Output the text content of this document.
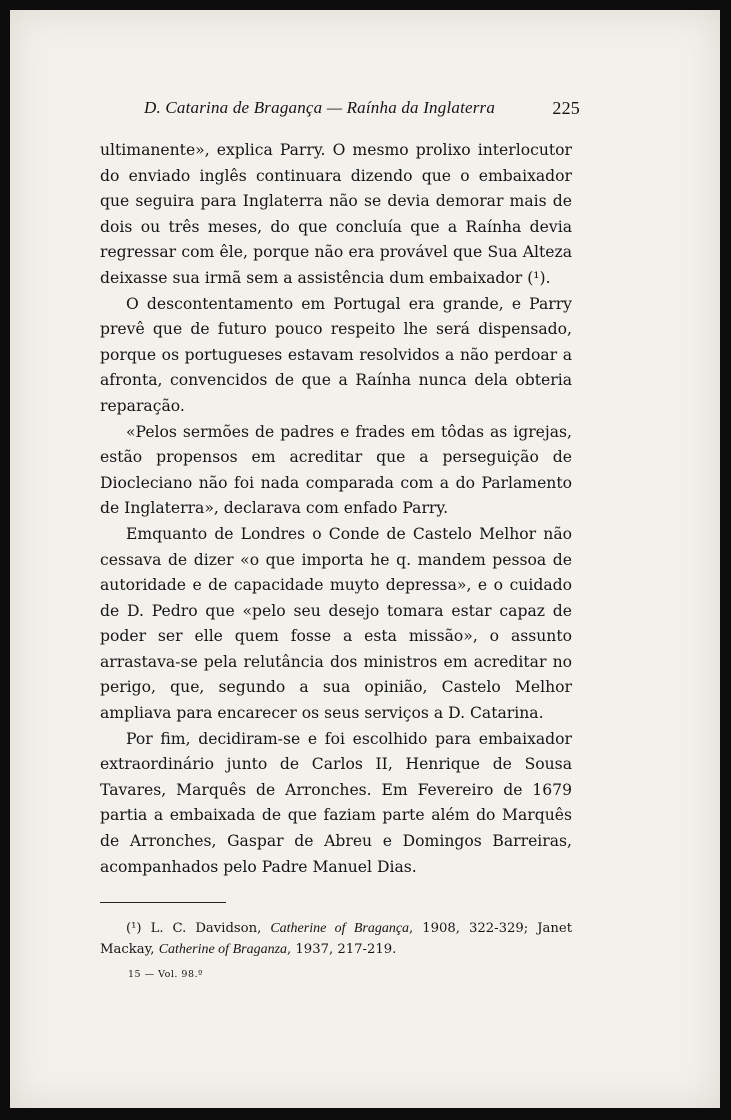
D. Catarina de Bragança — Raínha da Inglaterra	225

ultimanente», explica Parry. O mesmo prolixo interlocutor do enviado inglês continuara dizendo que o embaixador que seguira para Inglaterra não se devia demorar mais de dois ou três meses, do que concluía que a Raínha devia regressar com êle, porque não era provável que Sua Alteza deixasse sua irmã sem a assistência dum embaixador (¹).

O descontentamento em Portugal era grande, e Parry prevê que de futuro pouco respeito lhe será dispensado, porque os portugueses estavam resolvidos a não perdoar a afronta, convencidos de que a Raínha nunca dela obteria reparação.

«Pelos sermões de padres e frades em tôdas as igrejas, estão propensos em acreditar que a perseguição de Diocleciano não foi nada comparada com a do Parlamento de Inglaterra», declarava com enfado Parry.

Emquanto de Londres o Conde de Castelo Melhor não cessava de dizer «o que importa he q. mandem pessoa de autoridade e de capacidade muyto depressa», e o cuidado de D. Pedro que «pelo seu desejo tomara estar capaz de poder ser elle quem fosse a esta missão», o assunto arrastava-se pela relutância dos ministros em acreditar no perigo, que, segundo a sua opinião, Castelo Melhor ampliava para encarecer os seus serviços a D. Catarina.

Por fim, decidiram-se e foi escolhido para embaixador extraordinário junto de Carlos II, Henrique de Sousa Tavares, Marquês de Arronches. Em Fevereiro de 1679 partia a embaixada de que faziam parte além do Marquês de Arronches, Gaspar de Abreu e Domingos Barreiras, acompanhados pelo Padre Manuel Dias.

(¹) L. C. Davidson, Catherine of Bragança, 1908, 322-329; Janet Mackay, Catherine of Braganza, 1937, 217-219.
15 — Vol. 98.º
